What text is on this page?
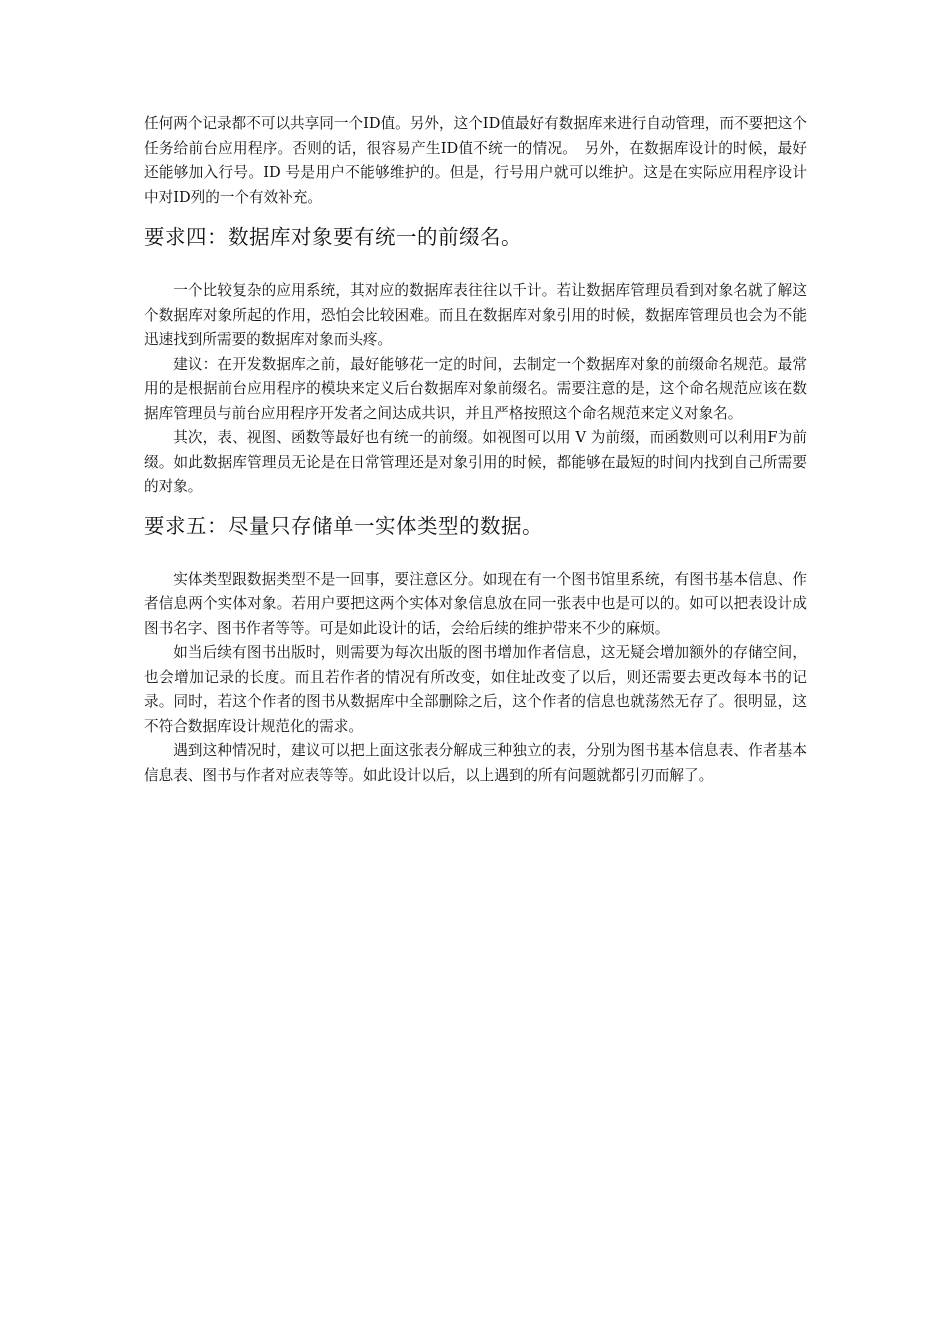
任何两个记录都不可以共享同一个ID值。另外，这个ID值最好有数据库来进行自动管理，而不要把这个任务给前台应用程序。否则的话，很容易产生ID值不统一的情况。　另外，在数据库设计的时候，最好还能够加入行号。ID 号是用户不能够维护的。但是，行号用户就可以维护。这是在实际应用程序设计中对ID列的一个有效补充。

要求四：数据库对象要有统一的前缀名。

一个比较复杂的应用系统，其对应的数据库表往往以千计。若让数据库管理员看到对象名就了解这个数据库对象所起的作用，恐怕会比较困难。而且在数据库对象引用的时候，数据库管理员也会为不能迅速找到所需要的数据库对象而头疼。

建议：在开发数据库之前，最好能够花一定的时间，去制定一个数据库对象的前缀命名规范。最常用的是根据前台应用程序的模块来定义后台数据库对象前缀名。需要注意的是，这个命名规范应该在数据库管理员与前台应用程序开发者之间达成共识，并且严格按照这个命名规范来定义对象名。

其次，表、视图、函数等最好也有统一的前缀。如视图可以用 V 为前缀，而函数则可以利用F为前缀。如此数据库管理员无论是在日常管理还是对象引用的时候，都能够在最短的时间内找到自己所需要的对象。

要求五：尽量只存储单一实体类型的数据。

实体类型跟数据类型不是一回事，要注意区分。如现在有一个图书馆里系统，有图书基本信息、作者信息两个实体对象。若用户要把这两个实体对象信息放在同一张表中也是可以的。如可以把表设计成图书名字、图书作者等等。可是如此设计的话，会给后续的维护带来不少的麻烦。

如当后续有图书出版时，则需要为每次出版的图书增加作者信息，这无疑会增加额外的存储空间，也会增加记录的长度。而且若作者的情况有所改变，如住址改变了以后，则还需要去更改每本书的记录。同时，若这个作者的图书从数据库中全部删除之后，这个作者的信息也就荡然无存了。很明显，这不符合数据库设计规范化的需求。

遇到这种情况时，建议可以把上面这张表分解成三种独立的表，分别为图书基本信息表、作者基本信息表、图书与作者对应表等等。如此设计以后，以上遇到的所有问题就都引刃而解了。
